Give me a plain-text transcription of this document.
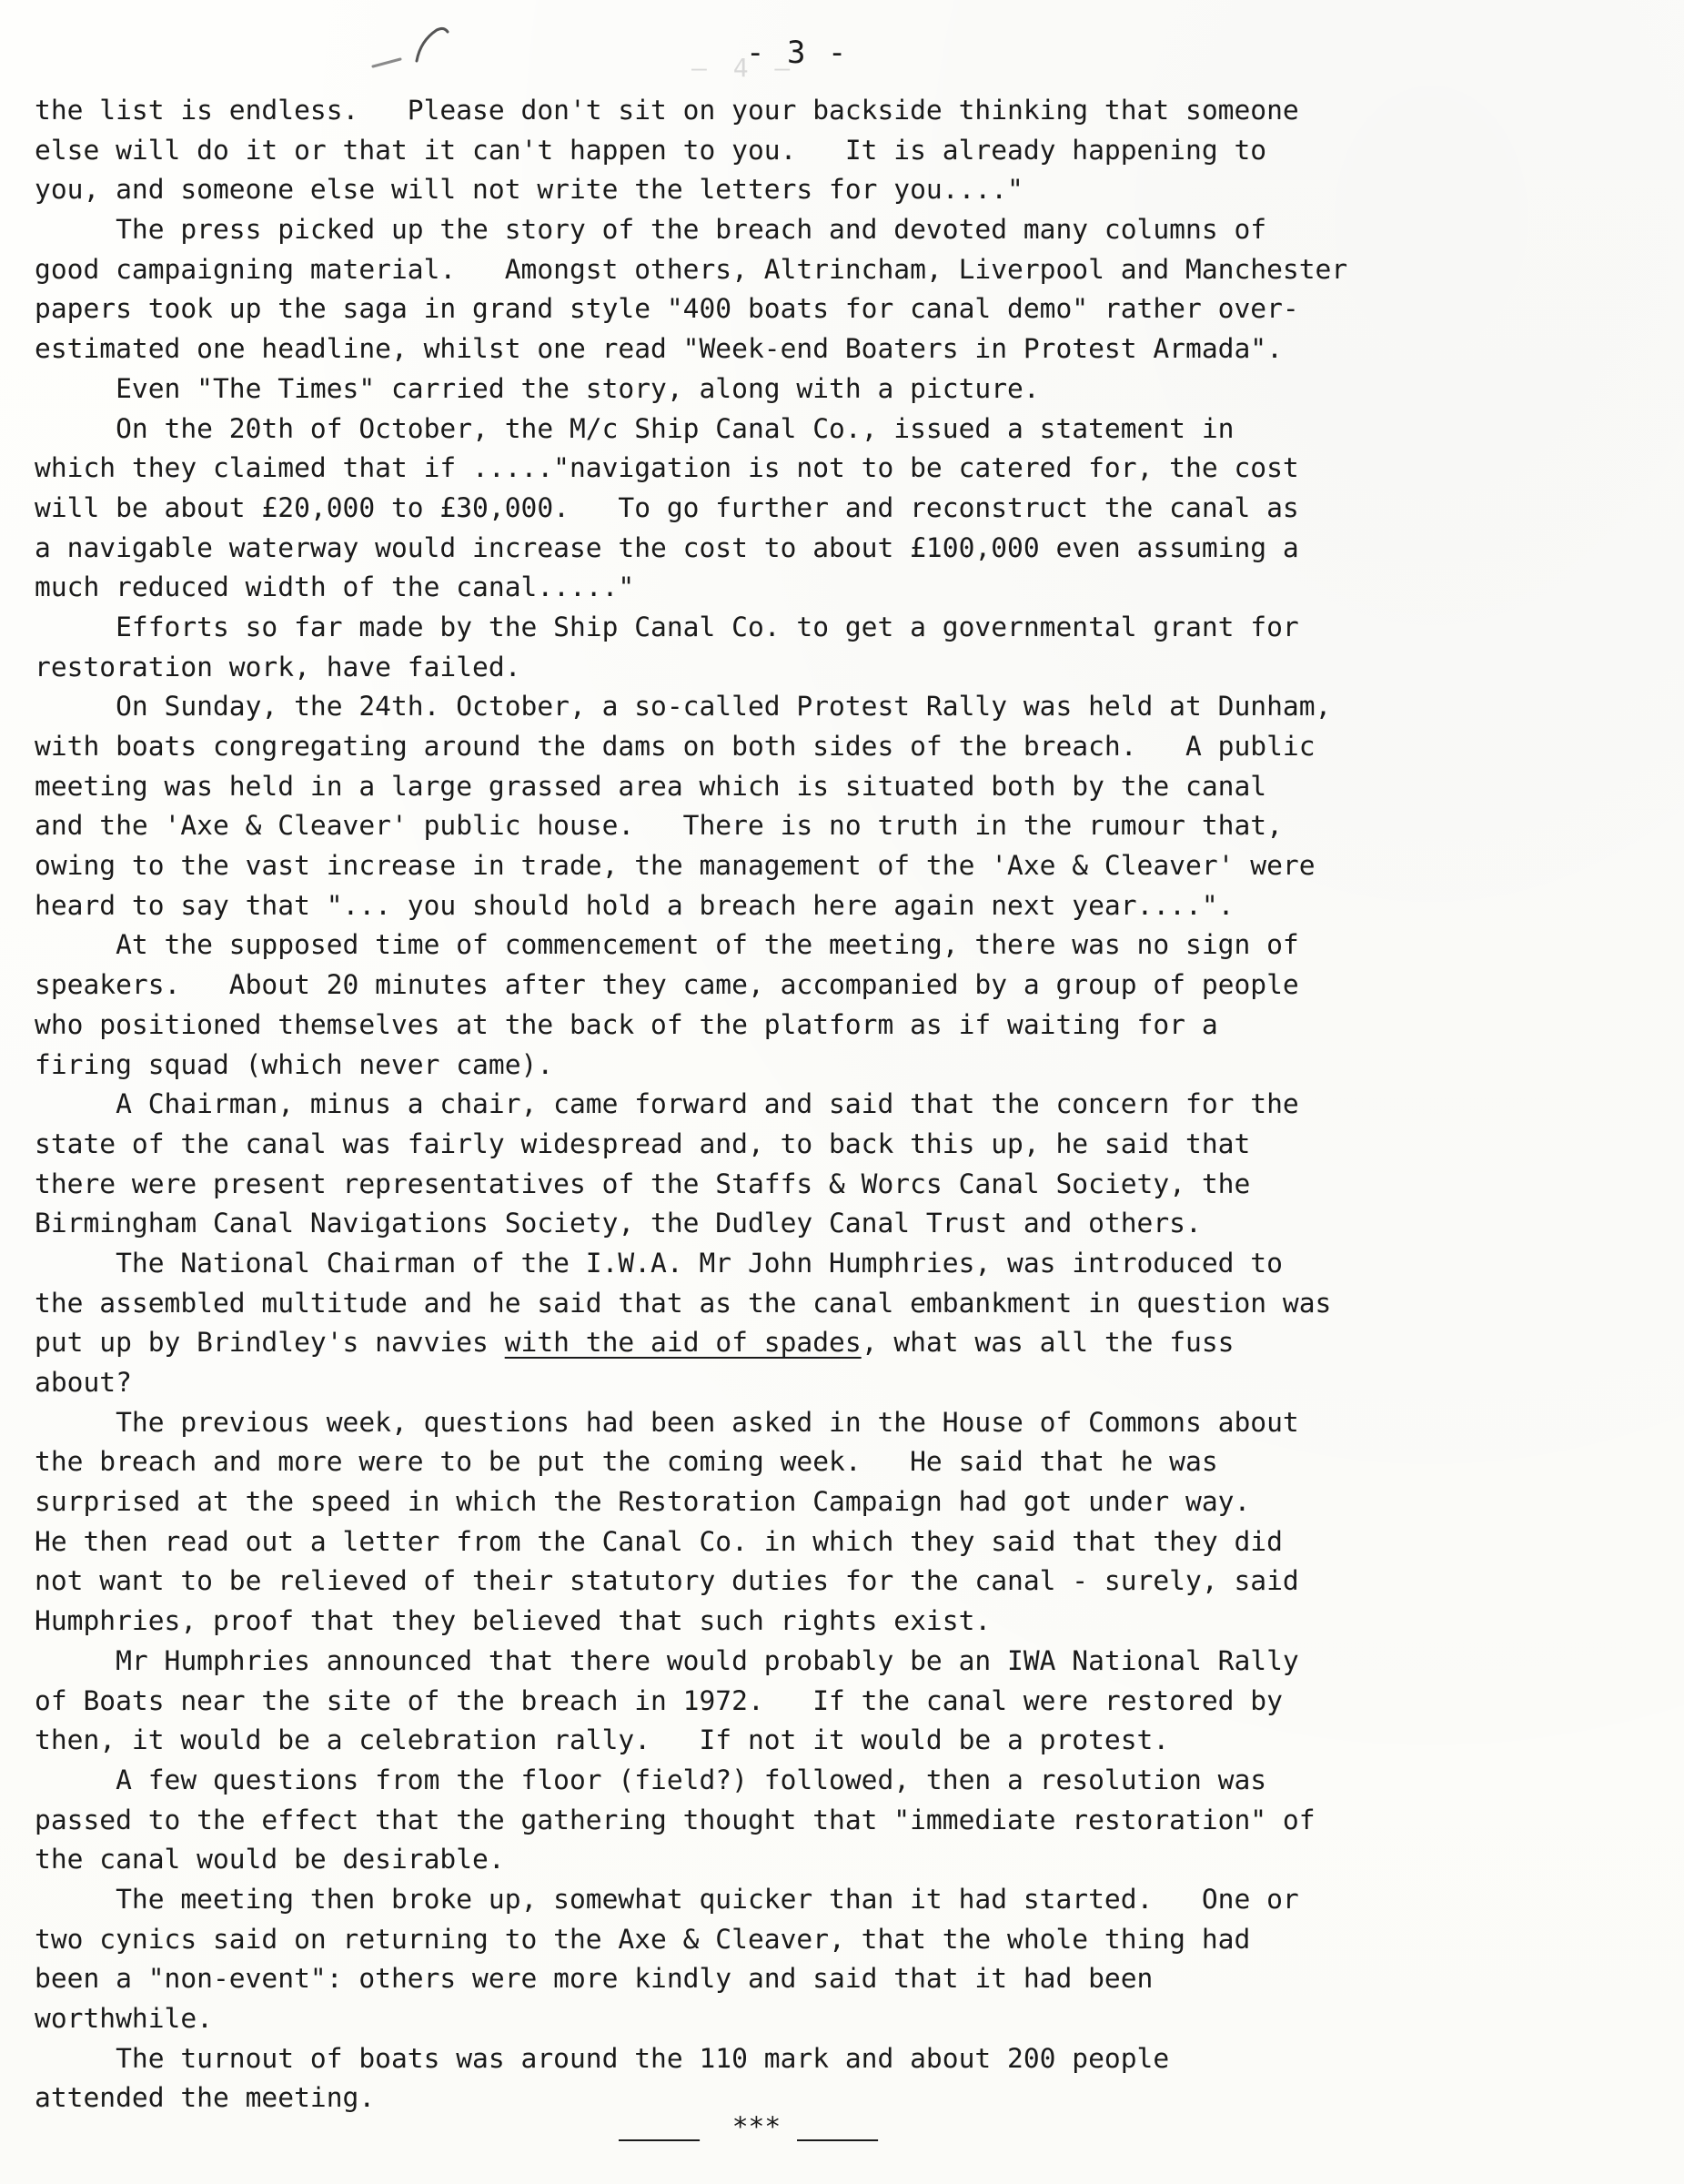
— 4 —
- 3 -
the list is endless.   Please don't sit on your backside thinking that someone
else will do it or that it can't happen to you.   It is already happening to
you, and someone else will not write the letters for you...."
The press picked up the story of the breach and devoted many columns of
good campaigning material.   Amongst others, Altrincham, Liverpool and Manchester
papers took up the saga in grand style "400 boats for canal demo" rather over-
estimated one headline, whilst one read "Week-end Boaters in Protest Armada".
Even "The Times" carried the story, along with a picture.
On the 20th of October, the M/c Ship Canal Co., issued a statement in
which they claimed that if ....."navigation is not to be catered for, the cost
will be about £20,000 to £30,000.   To go further and reconstruct the canal as
a navigable waterway would increase the cost to about £100,000 even assuming a
much reduced width of the canal....."
Efforts so far made by the Ship Canal Co. to get a governmental grant for
restoration work, have failed.
On Sunday, the 24th. October, a so-called Protest Rally was held at Dunham,
with boats congregating around the dams on both sides of the breach.   A public
meeting was held in a large grassed area which is situated both by the canal
and the 'Axe & Cleaver' public house.   There is no truth in the rumour that,
owing to the vast increase in trade, the management of the 'Axe & Cleaver' were
heard to say that "... you should hold a breach here again next year....".
At the supposed time of commencement of the meeting, there was no sign of
speakers.   About 20 minutes after they came, accompanied by a group of people
who positioned themselves at the back of the platform as if waiting for a
firing squad (which never came).
A Chairman, minus a chair, came forward and said that the concern for the
state of the canal was fairly widespread and, to back this up, he said that
there were present representatives of the Staffs & Worcs Canal Society, the
Birmingham Canal Navigations Society, the Dudley Canal Trust and others.
The National Chairman of the I.W.A. Mr John Humphries, was introduced to
the assembled multitude and he said that as the canal embankment in question was
put up by Brindley's navvies with the aid of spades, what was all the fuss
about?
The previous week, questions had been asked in the House of Commons about
the breach and more were to be put the coming week.   He said that he was
surprised at the speed in which the Restoration Campaign had got under way.
He then read out a letter from the Canal Co. in which they said that they did
not want to be relieved of their statutory duties for the canal - surely, said
Humphries, proof that they believed that such rights exist.
Mr Humphries announced that there would probably be an IWA National Rally
of Boats near the site of the breach in 1972.   If the canal were restored by
then, it would be a celebration rally.   If not it would be a protest.
A few questions from the floor (field?) followed, then a resolution was
passed to the effect that the gathering thought that "immediate restoration" of
the canal would be desirable.
The meeting then broke up, somewhat quicker than it had started.   One or
two cynics said on returning to the Axe & Cleaver, that the whole thing had
been a "non-event": others were more kindly and said that it had been
worthwhile.
The turnout of boats was around the 110 mark and about 200 people
attended the meeting.
***
